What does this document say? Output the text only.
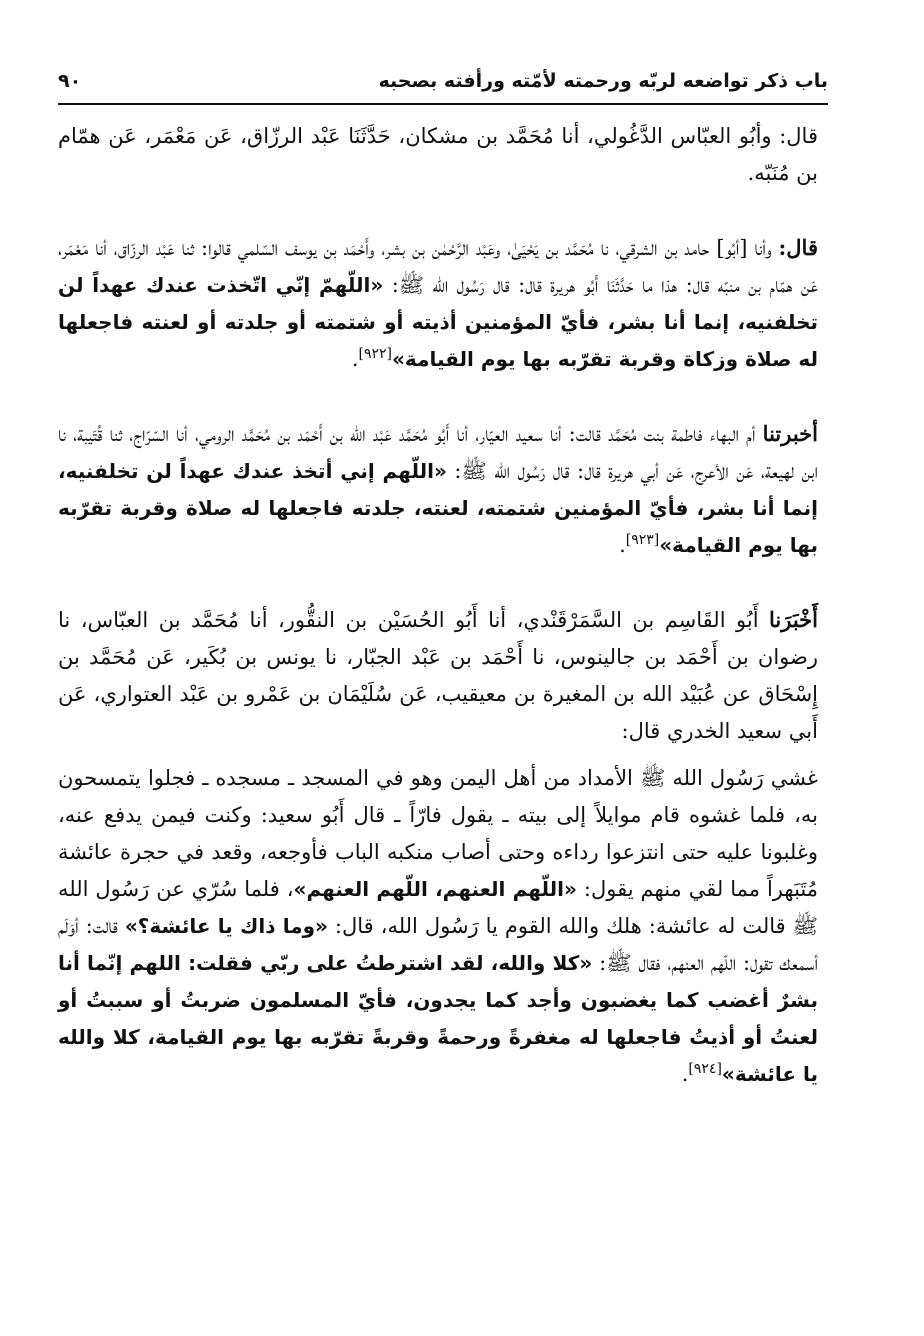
باب ذكر تواضعه لربّه ورحمته لأمّته ورأفته بصحبه
٩٠

قال: وأبُو العبّاس الدَّغُولي، أنا مُحَمَّد بن مشكان، حَدَّثَنَا عَبْد الرزّاق، عَن مَعْمَر، عَن همّام بن مُنَبّه.

قال: وأنا [أبُو] حامد بن الشرقي، نا مُحَمَّد بن يَحْيَىٰ، وعَبْد الرَّحْمٰن بن بشر، وأَحْمَد بن يوسف السّلمي قالوا: ثنا عَبْد الرزّاق، أنا مَعْمَر، عَن همّام بن منبّه قال: هذا ما حَدَّثَنَا أَبُو هريرة قال: قال رَسُول الله ﷺ: «اللّهمّ إنّي اتّخذت عندك عهداً لن تخلفنيه، إنما أنا بشر، فأيّ المؤمنين أذيته أو شتمته أو جلدته أو لعنته فاجعلها له صلاة وزكاة وقربة تقرّبه بها يوم القيامة»[٩٢٢].

أخبرتنا أم البهاء فاطمة بنت مُحَمَّد قالت: أنا سعيد العيّار، أنا أَبُو مُحَمَّد عَبْد الله بن أَحْمَد بن مُحَمَّد الرومي، أنا السّرّاج، ثنا قُتَيبة، نا ابن لهيعة، عَن الأعرج، عَن أبي هريرة قال: قال رَسُول الله ﷺ: «اللّهم إني أتخذ عندك عهداً لن تخلفنيه، إنما أنا بشر، فأيّ المؤمنين شتمته، لعنته، جلدته فاجعلها له صلاة وقربة تقرّبه بها يوم القيامة»[٩٢٣].

أَخْبَرَنا أَبُو القَاسِم بن السَّمَرْقَنْدي، أنا أَبُو الحُسَيْن بن النقُّور، أنا مُحَمَّد بن العبّاس، نا رضوان بن أَحْمَد بن جالينوس، نا أَحْمَد بن عَبْد الجبّار، نا يونس بن بُكَير، عَن مُحَمَّد بن إِسْحَاق عن عُبَيْد الله بن المغيرة بن معيقيب، عَن سُلَيْمَان بن عَمْرو بن عَبْد العتواري، عَن أَبي سعيد الخدري قال:

غشي رَسُول الله ﷺ الأمداد من أهل اليمن وهو في المسجد ـ مسجده ـ فجلوا يتمسحون به، فلما غشوه قام موايلاً إلى بيته ـ يقول فارّاً ـ قال أَبُو سعيد: وكنت فيمن يدفع عنه، وغلبونا عليه حتى انتزعوا رداءه وحتى أصاب منكبه الباب فأوجعه، وقعد في حجرة عائشة مُتَبَهراً مما لقي منهم يقول: «اللّهم العنهم، اللّهم العنهم»، فلما سُرّي عن رَسُول الله ﷺ قالت له عائشة: هلك والله القوم يا رَسُول الله، قال: «وما ذاك يا عائشة؟» قالت: أوَلَم أسمعك تقول: اللّهم العنهم، فقال ﷺ: «كلا والله، لقد اشترطتُ على ربّي فقلت: اللهم إنّما أنا بشرٌ أغضب كما يغضبون وأجد كما يجدون، فأيّ المسلمون ضربتُ أو سببتُ أو لعنتُ أو أذيتُ فاجعلها له مغفرةً ورحمةً وقربةً تقرّبه بها يوم القيامة، كلا والله يا عائشة»[٩٢٤].
